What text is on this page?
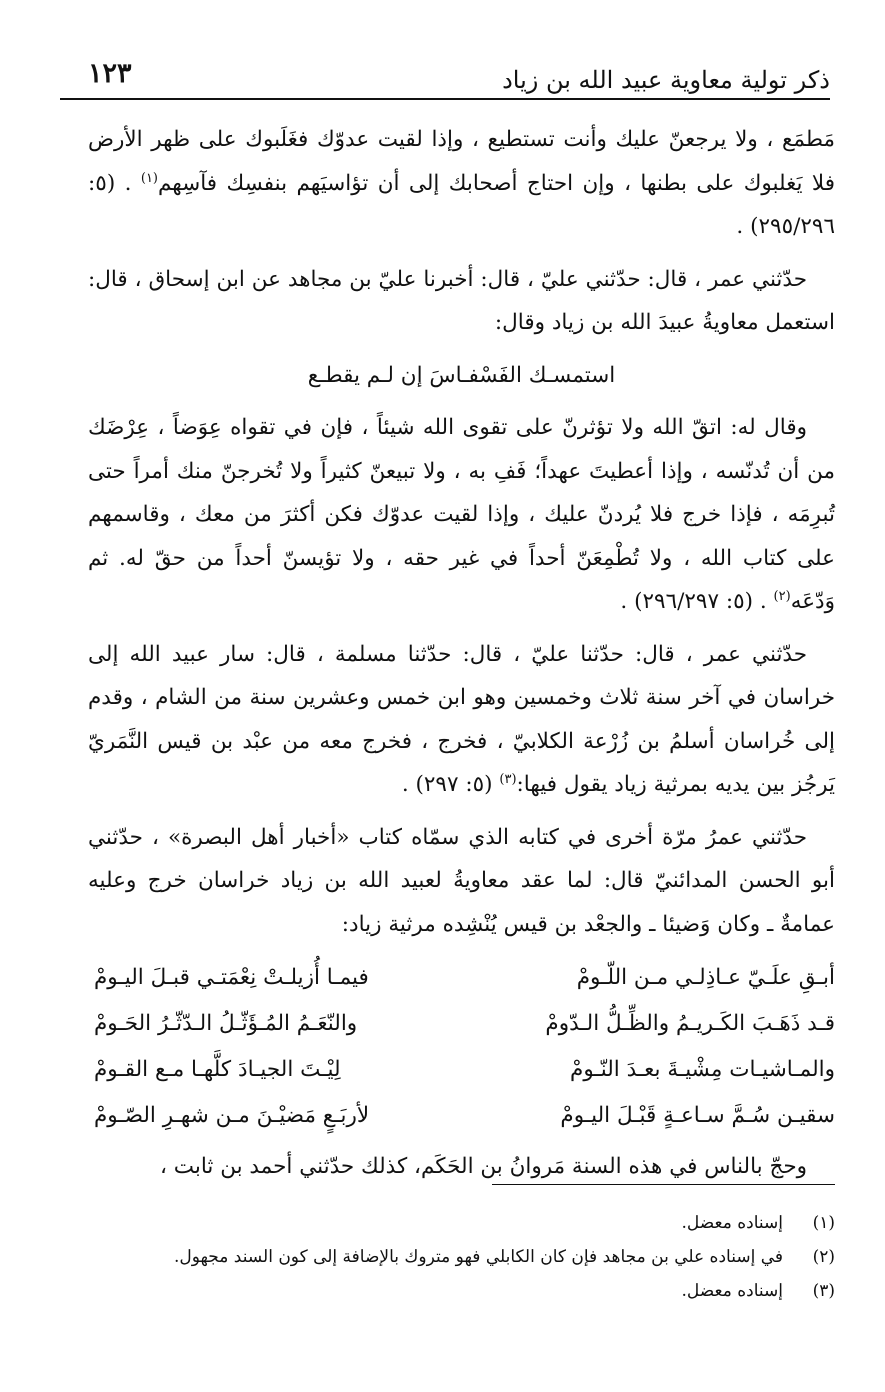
١٢٣	ذكر تولية معاوية عبيد الله بن زياد

مَطمَع ، ولا يرجعنّ عليك وأنت تستطيع ، وإذا لقيت عدوّك فغَلَبوك على ظهر الأرض فلا يَغلبوك على بطنها ، وإن احتاج أصحابك إلى أن تؤاسيَهم بنفسِك فآسِهم$^{(١)}$ . (٥: ٢٩٥/٢٩٦) .

حدّثني عمر ، قال: حدّثني عليّ ، قال: أخبرنا عليّ بن مجاهد عن ابن إسحاق ، قال: استعمل معاويةُ عبيدَ الله بن زياد وقال:

استمسـك الفَسْفـاسَ إن لـم يقطـع

وقال له: اتقّ الله ولا تؤثرنّ على تقوى الله شيئاً ، فإن في تقواه عِوَضاً ، عِرْضَك من أن تُدنّسه ، وإذا أعطيتَ عهداً؛ فَفِ به ، ولا تبيعنّ كثيراً ولا تُخرجنّ منك أمراً حتى تُبرِمَه ، فإذا خرج فلا يُردنّ عليك ، وإذا لقيت عدوّك فكن أكثرَ من معك ، وقاسمهم على كتاب الله ، ولا تُطْمِعَنّ أحداً في غير حقه ، ولا تؤيسنّ أحداً من حقّ له. ثم وَدّعَه$^{(٢)}$ . (٥: ٢٩٦/٢٩٧) .

حدّثني عمر ، قال: حدّثنا عليّ ، قال: حدّثنا مسلمة ، قال: سار عبيد الله إلى خراسان في آخر سنة ثلاث وخمسين وهو ابن خمس وعشرين سنة من الشام ، وقدم إلى خُراسان أسلمُ بن زُرْعة الكلابيّ ، فخرج ، فخرج معه من عبْد بن قيس النَّمَريّ يَرجُز بين يديه بمرثية زياد يقول فيها:$^{(٣)}$ (٥: ٢٩٧) .

حدّثني عمرُ مرّة أخرى في كتابه الذي سمّاه كتاب «أخبار أهل البصرة» ، حدّثني أبو الحسن المدائنيّ قال: لما عقد معاويةُ لعبيد الله بن زياد خراسان خرج وعليه عمامةٌ ـ وكان وَضيئا ـ والجعْد بن قيس يُنْشِده مرثية زياد:

أبـقِ علَـيّ عـاذِلـي مـن اللّـومْ
فيمـا أُزيلـتْ نِعْمَتـي قبـلَ اليـومْ
قـد ذَهَـبَ الكَـريـمُ والظِّـلُّ الـدّومْ
والنّعَـمُ المُـؤَثّـلُ الـدّثّـرُ الحَـومْ
والمـاشيـات مِشْيـةَ بعـدَ النّـومْ
لِيْـتَ الجيـادَ كلَّهـا مـع القـومْ
سقيـن سُـمَّ سـاعـةٍ قَبْـلَ اليـومْ
لأربَـعٍ مَضيْـنَ مـن شهـرِ الصّـومْ

وحجّ بالناس في هذه السنة مَروانُ بن الحَكَم، كذلك حدّثني أحمد بن ثابت ،

(١)
إسناده معضل.
(٢)
في إسناده علي بن مجاهد فإن كان الكابلي فهو متروك بالإضافة إلى كون السند مجهول.
(٣)
إسناده معضل.
